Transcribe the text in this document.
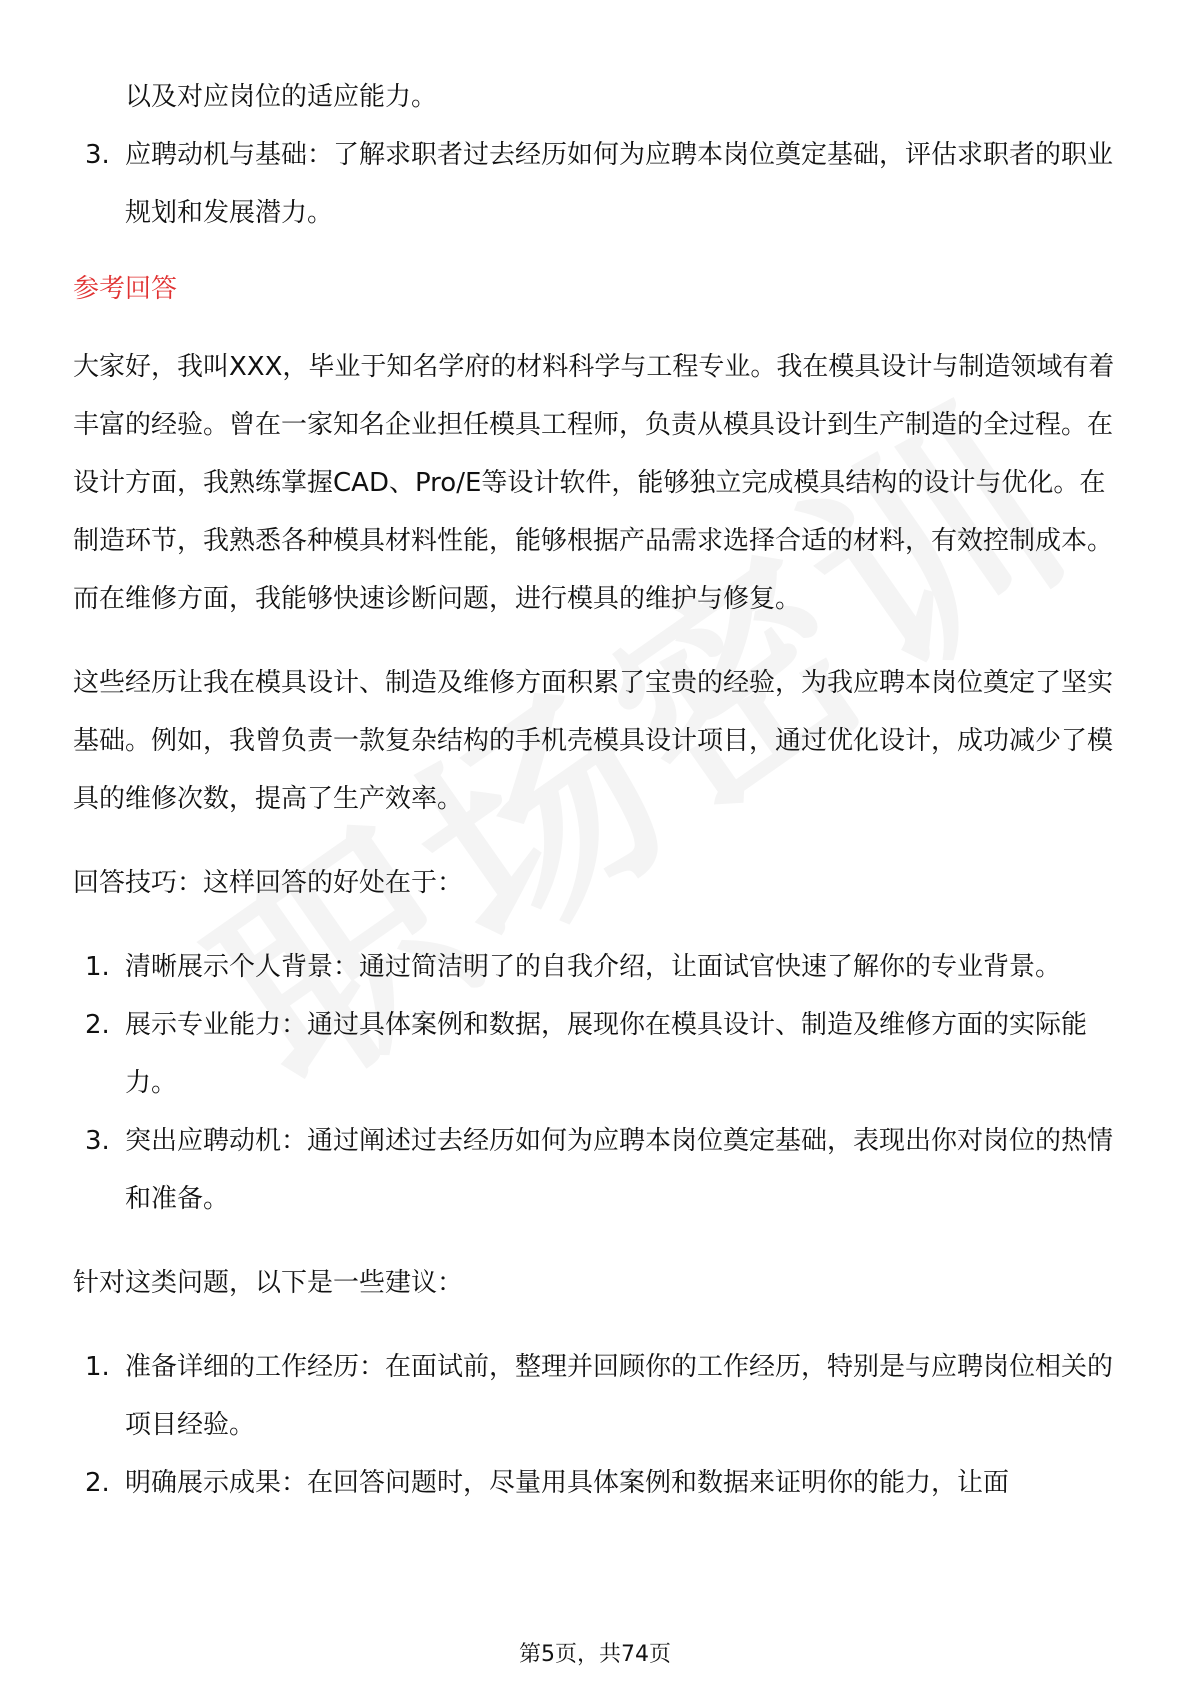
以及对应岗位的适应能力。
3. 应聘动机与基础：了解求职者过去经历如何为应聘本岗位奠定基础，评估求职者的职业规划和发展潜力。
参考回答
大家好，我叫XXX，毕业于知名学府的材料科学与工程专业。我在模具设计与制造领域有着丰富的经验。曾在一家知名企业担任模具工程师，负责从模具设计到生产制造的全过程。在设计方面，我熟练掌握CAD、Pro/E等设计软件，能够独立完成模具结构的设计与优化。在制造环节，我熟悉各种模具材料性能，能够根据产品需求选择合适的材料，有效控制成本。而在维修方面，我能够快速诊断问题，进行模具的维护与修复。
这些经历让我在模具设计、制造及维修方面积累了宝贵的经验，为我应聘本岗位奠定了坚实基础。例如，我曾负责一款复杂结构的手机壳模具设计项目，通过优化设计，成功减少了模具的维修次数，提高了生产效率。
回答技巧：这样回答的好处在于：
1. 清晰展示个人背景：通过简洁明了的自我介绍，让面试官快速了解你的专业背景。
2. 展示专业能力：通过具体案例和数据，展现你在模具设计、制造及维修方面的实际能力。
3. 突出应聘动机：通过阐述过去经历如何为应聘本岗位奠定基础，表现出你对岗位的热情和准备。
针对这类问题，以下是一些建议：
1. 准备详细的工作经历：在面试前，整理并回顾你的工作经历，特别是与应聘岗位相关的项目经验。
2. 明确展示成果：在回答问题时，尽量用具体案例和数据来证明你的能力，让面
第5页，共74页
